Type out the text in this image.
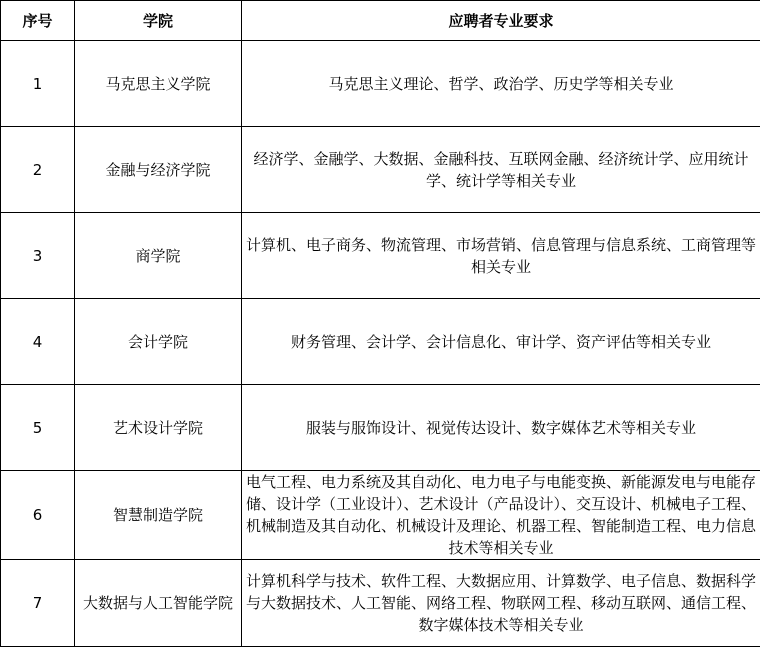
序号	学院	应聘者专业要求
1	马克思主义学院	马克思主义理论、哲学、政治学、历史学等相关专业
2	金融与经济学院	经济学、金融学、大数据、金融科技、互联网金融、经济统计学、应用统计学、统计学等相关专业
3	商学院	计算机、电子商务、物流管理、市场营销、信息管理与信息系统、工商管理等相关专业
4	会计学院	财务管理、会计学、会计信息化、审计学、资产评估等相关专业
5	艺术设计学院	服装与服饰设计、视觉传达设计、数字媒体艺术等相关专业
6	智慧制造学院	电气工程、电力系统及其自动化、电力电子与电能变换、新能源发电与电能存储、设计学（工业设计）、艺术设计（产品设计）、交互设计、机械电子工程、机械制造及其自动化、机械设计及理论、机器工程、智能制造工程、电力信息技术等相关专业
7	大数据与人工智能学院	计算机科学与技术、软件工程、大数据应用、计算数学、电子信息、数据科学与大数据技术、人工智能、网络工程、物联网工程、移动互联网、通信工程、数字媒体技术等相关专业
